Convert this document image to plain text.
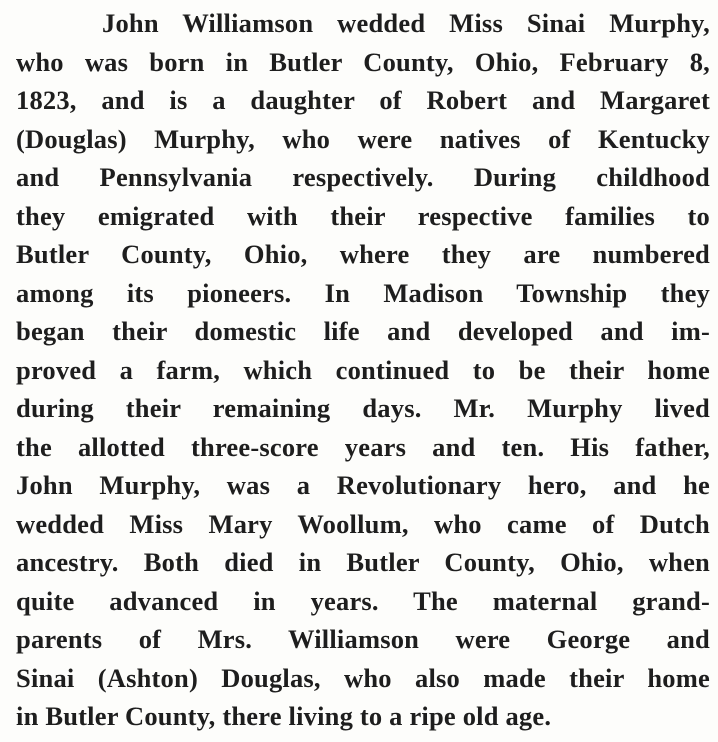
John Williamson wedded Miss Sinai Murphy,
who was born in Butler County, Ohio, February 8,
1823, and is a daughter of Robert and Margaret
(Douglas) Murphy, who were natives of Kentucky
and Pennsylvania respectively. During childhood
they emigrated with their respective families to
Butler County, Ohio, where they are numbered
among its pioneers. In Madison Township they
began their domestic life and developed and im-
proved a farm, which continued to be their home
during their remaining days. Mr. Murphy lived
the allotted three-score years and ten. His father,
John Murphy, was a Revolutionary hero, and he
wedded Miss Mary Woollum, who came of Dutch
ancestry. Both died in Butler County, Ohio, when
quite advanced in years. The maternal grand-
parents of Mrs. Williamson were George and
Sinai (Ashton) Douglas, who also made their home
in Butler County, there living to a ripe old age.
